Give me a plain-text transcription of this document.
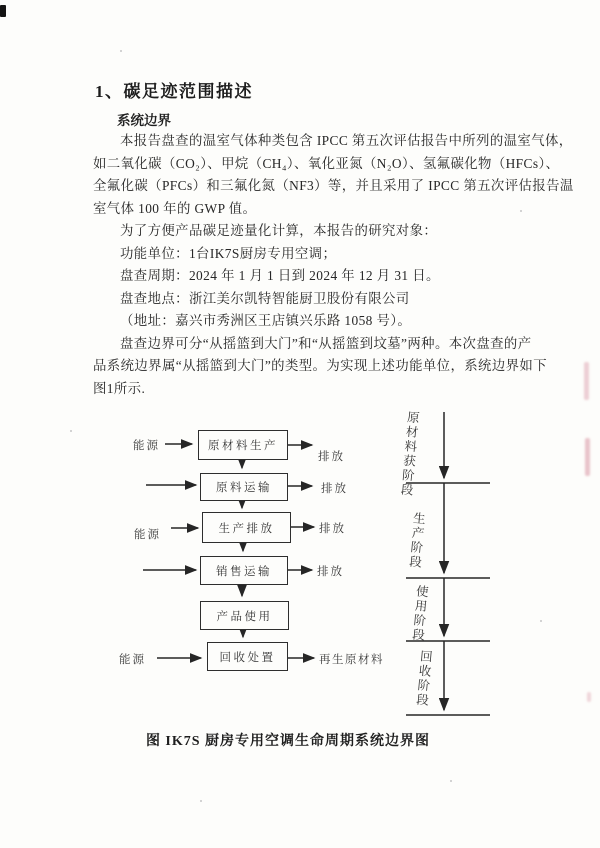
1、碳足迹范围描述
系统边界
本报告盘查的温室气体种类包含 IPCC 第五次评估报告中所列的温室气体，
如二氧化碳（CO₂）、甲烷（CH₄）、氧化亚氮（N₂O）、氢氟碳化物（HFCs）、
全氟化碳（PFCs）和三氟化氮（NF3）等，并且采用了 IPCC 第五次评估报告温
室气体 100 年的 GWP 值。
为了方便产品碳足迹量化计算，本报告的研究对象：
功能单位：1台IK7S厨房专用空调；
盘查周期：2024 年 1 月 1 日到 2024 年 12 月 31 日。
盘查地点：浙江美尔凯特智能厨卫股份有限公司
（地址：嘉兴市秀洲区王店镇兴乐路 1058 号）。
盘查边界可分“从摇篮到大门”和“从摇篮到坟墓”两种。本次盘查的产
品系统边界属“从摇篮到大门”的类型。为实现上述功能单位，系统边界如下
图1所示.
原材料生产
原料运输
生产排放
销售运输
产品使用
回收处置
能源
能源
能源
排放
排放
排放
排放
再生原材料
原材料获阶段
生产阶段
使用阶段
回收阶段
图 IK7S 厨房专用空调生命周期系统边界图
